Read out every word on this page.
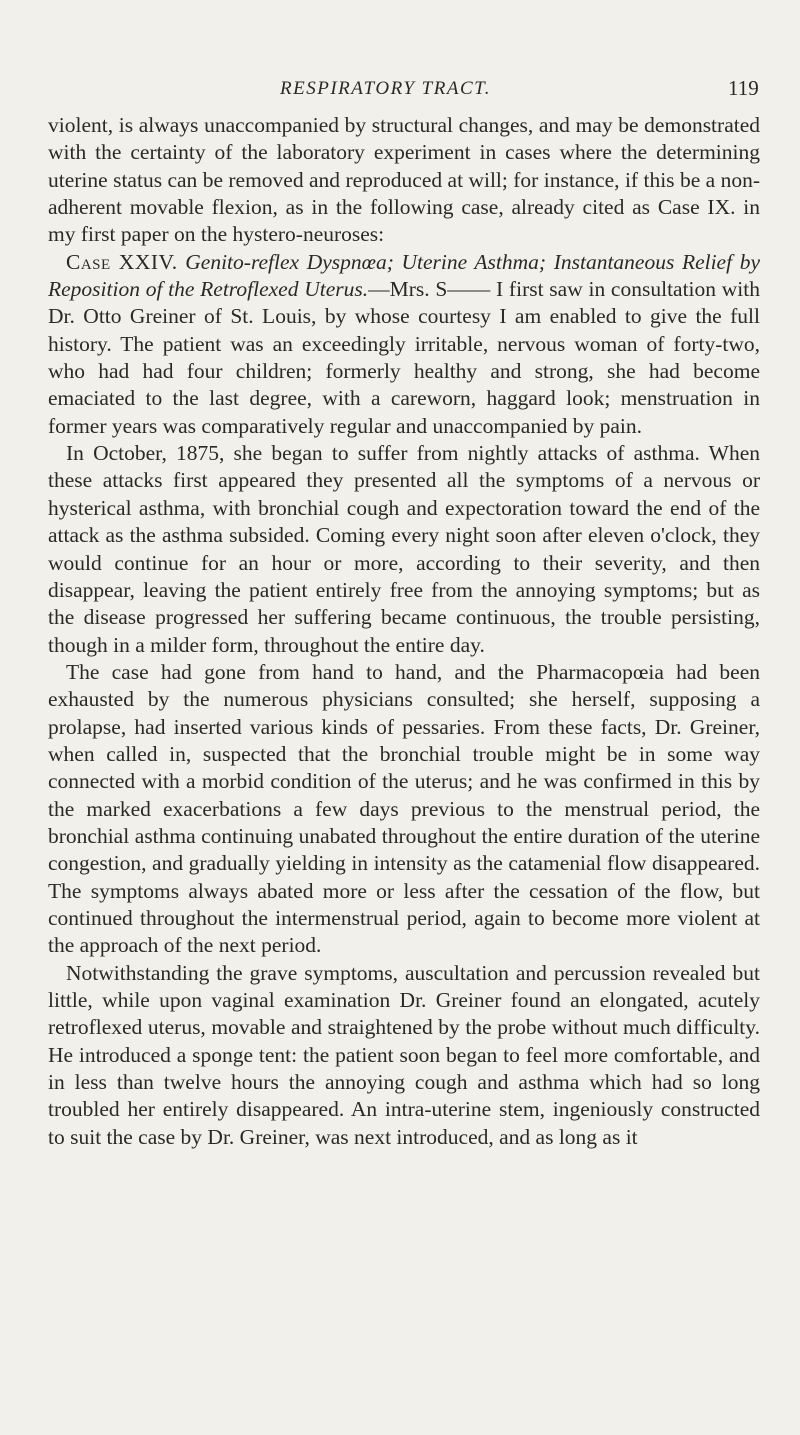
RESPIRATORY TRACT.	119

violent, is always unaccompanied by structural changes, and may be demonstrated with the certainty of the laboratory experiment in cases where the determining uterine status can be removed and reproduced at will; for instance, if this be a non-adherent movable flexion, as in the following case, already cited as Case IX. in my first paper on the hystero-neuroses:

Case XXIV. Genito-reflex Dyspnœa; Uterine Asthma; Instantaneous Relief by Reposition of the Retroflexed Uterus.—Mrs. S—— I first saw in consultation with Dr. Otto Greiner of St. Louis, by whose courtesy I am enabled to give the full history. The patient was an exceedingly irritable, nervous woman of forty-two, who had had four children; formerly healthy and strong, she had become emaciated to the last degree, with a careworn, haggard look; menstruation in former years was comparatively regular and unaccompanied by pain.

In October, 1875, she began to suffer from nightly attacks of asthma. When these attacks first appeared they presented all the symptoms of a nervous or hysterical asthma, with bronchial cough and expectoration toward the end of the attack as the asthma subsided. Coming every night soon after eleven o'clock, they would continue for an hour or more, according to their severity, and then disappear, leaving the patient entirely free from the annoying symptoms; but as the disease progressed her suffering became continuous, the trouble persisting, though in a milder form, throughout the entire day.

The case had gone from hand to hand, and the Pharmacopœia had been exhausted by the numerous physicians consulted; she herself, supposing a prolapse, had inserted various kinds of pessaries. From these facts, Dr. Greiner, when called in, suspected that the bronchial trouble might be in some way connected with a morbid condition of the uterus; and he was confirmed in this by the marked exacerbations a few days previous to the menstrual period, the bronchial asthma continuing unabated throughout the entire duration of the uterine congestion, and gradually yielding in intensity as the catamenial flow disappeared. The symptoms always abated more or less after the cessation of the flow, but continued throughout the intermenstrual period, again to become more violent at the approach of the next period.

Notwithstanding the grave symptoms, auscultation and percussion revealed but little, while upon vaginal examination Dr. Greiner found an elongated, acutely retroflexed uterus, movable and straightened by the probe without much difficulty. He introduced a sponge tent: the patient soon began to feel more comfortable, and in less than twelve hours the annoying cough and asthma which had so long troubled her entirely disappeared. An intra-uterine stem, ingeniously constructed to suit the case by Dr. Greiner, was next introduced, and as long as it
